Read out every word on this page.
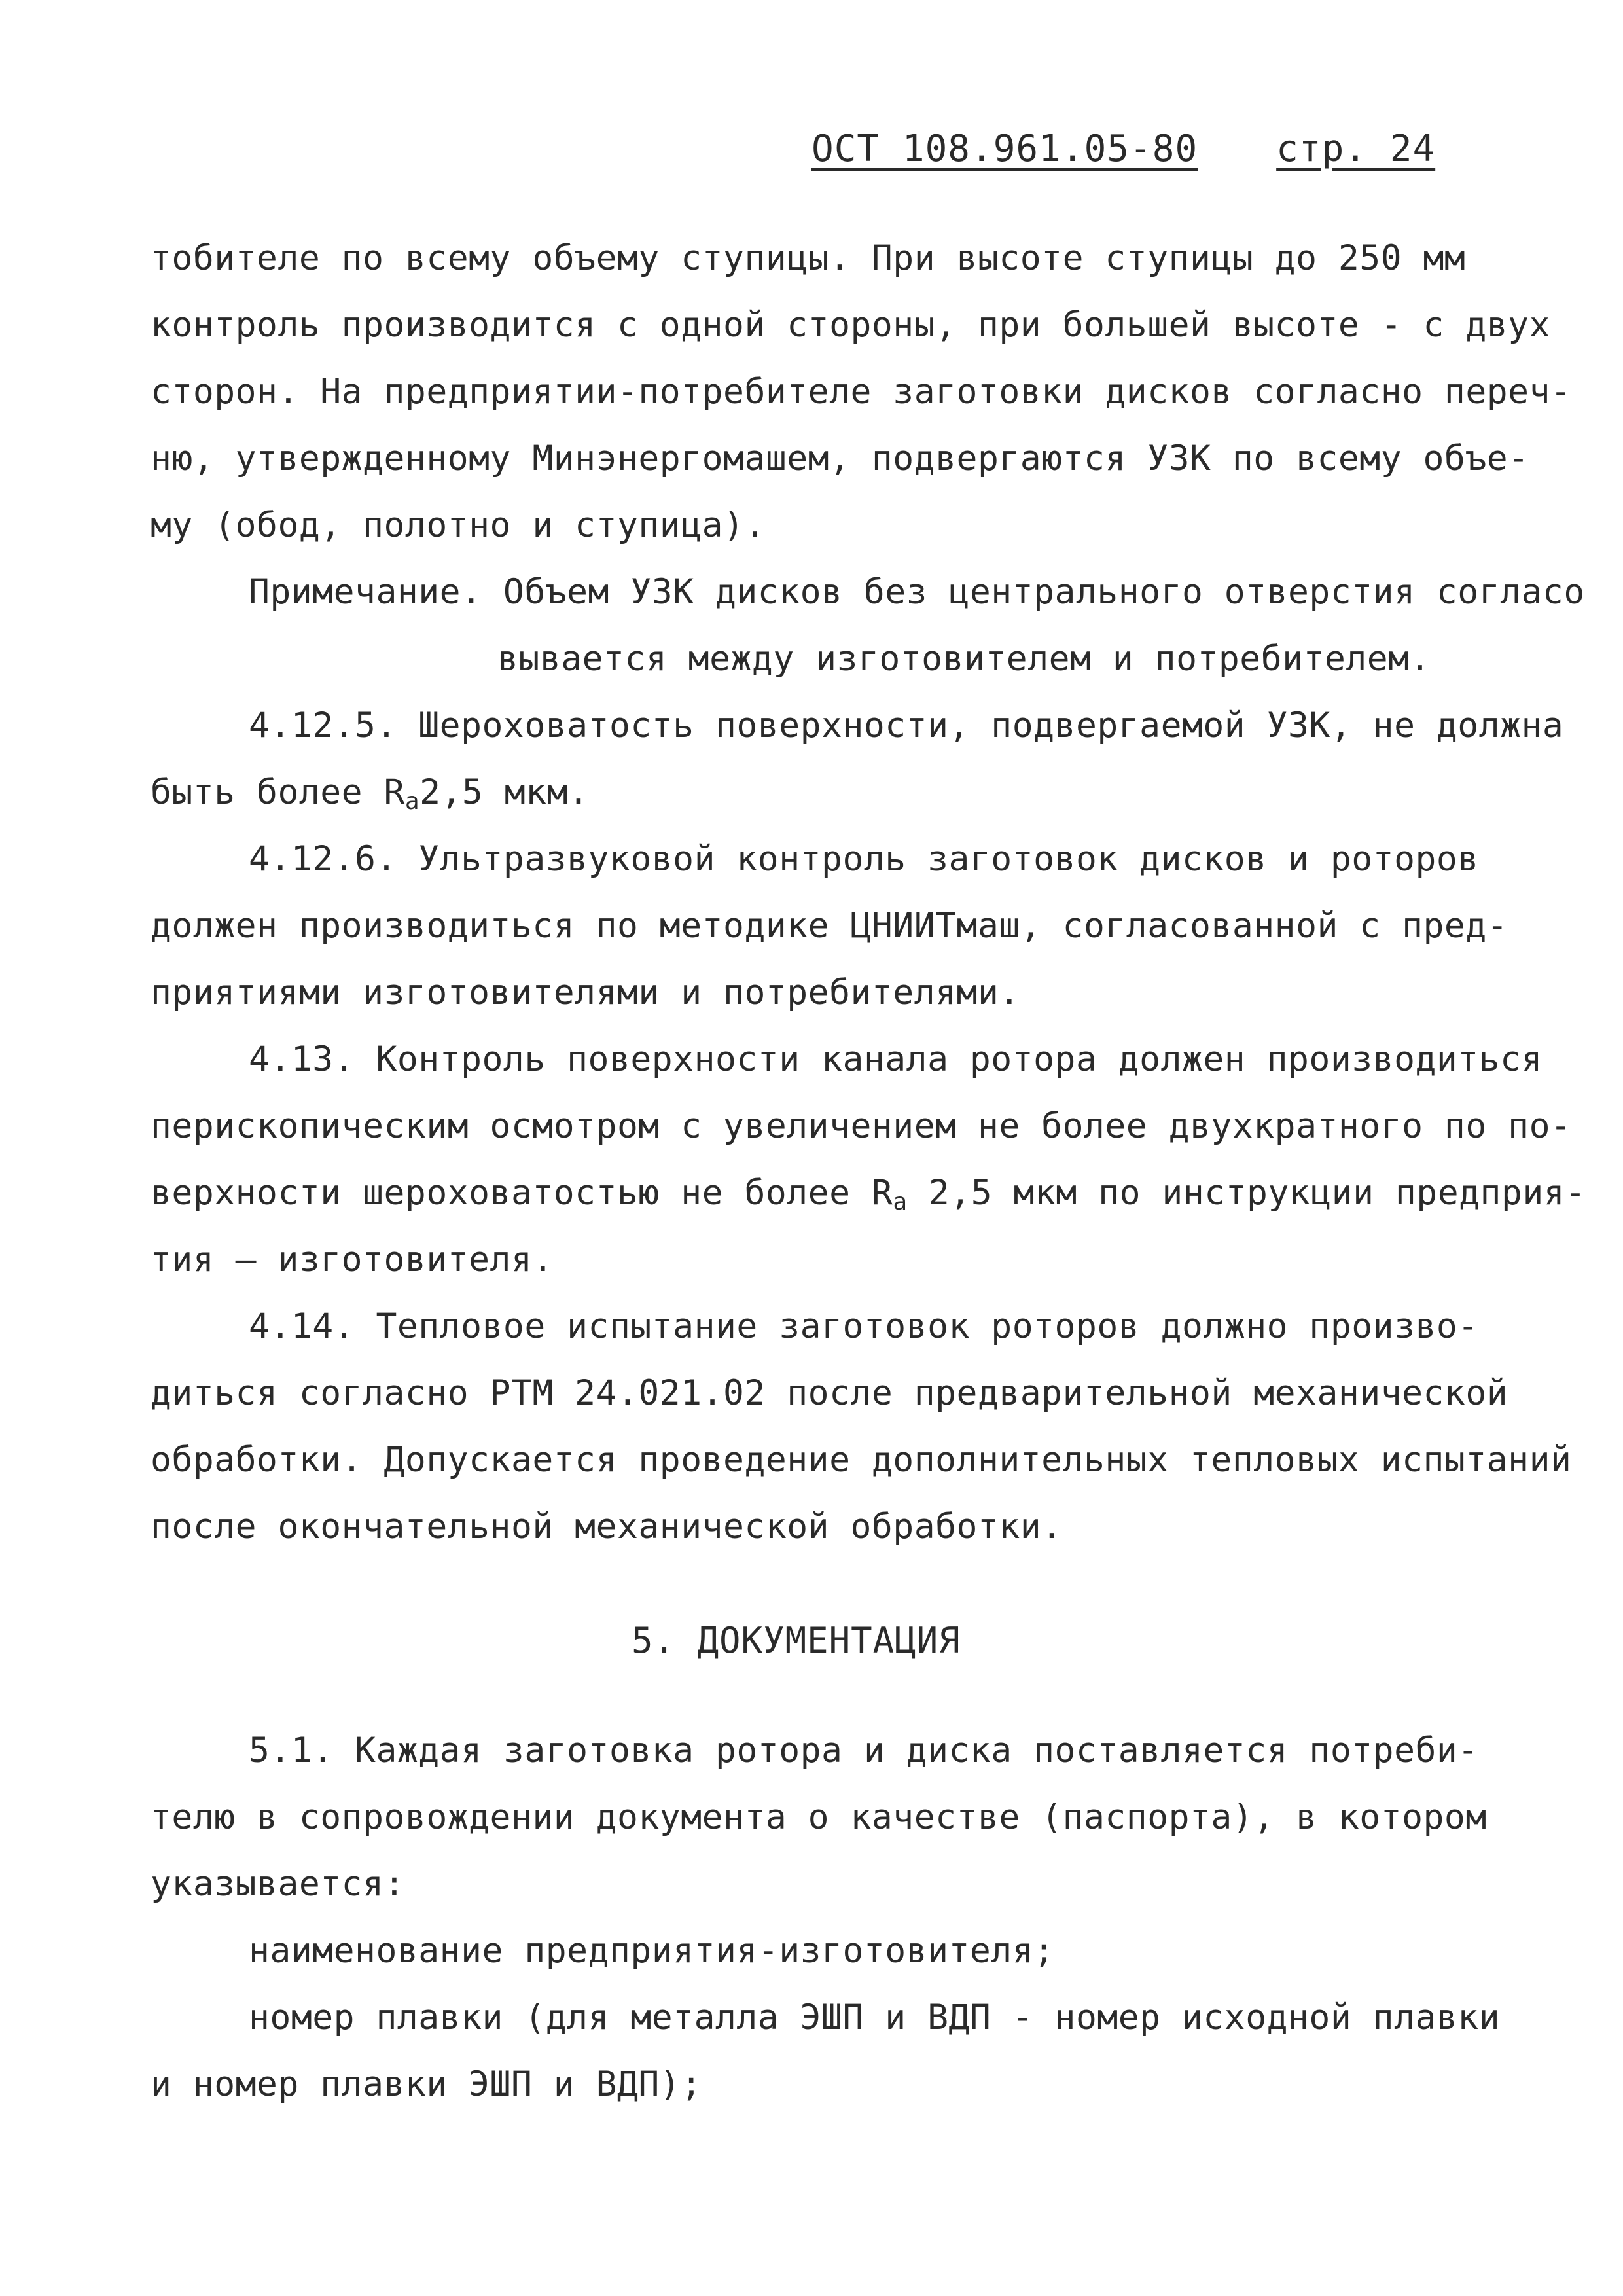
ОСТ 108.961.05-80 стр. 24
тобителе по всему объему ступицы. При высоте ступицы до 250 мм
контроль производится с одной стороны, при большей высоте - с двух
сторон. На предприятии-потребителе заготовки дисков согласно переч-
ню, утвержденному Минэнергомашем, подвергаются УЗК по всему объе-
му (обод, полотно и ступица).
Примечание. Объем УЗК дисков без центрального отверстия согласо
вывается между изготовителем и потребителем.
4.12.5. Шероховатость поверхности, подвергаемой УЗК, не должна
быть более $R_a2,5$ мкм.
4.12.6. Ультразвуковой контроль заготовок дисков и роторов
должен производиться по методике ЦНИИТмаш, согласованной с пред-
приятиями изготовителями и потребителями.
4.13. Контроль поверхности канала ротора должен производиться
перископическим осмотром с увеличением не более двухкратного по по-
верхности шероховатостью не более $R_a$ 2,5 мкм по инструкции предприя-
тия — изготовителя.
4.14. Тепловое испытание заготовок роторов должно произво-
диться согласно РТМ 24.021.02 после предварительной механической
обработки. Допускается проведение дополнительных тепловых испытаний
после окончательной механической обработки.
5. ДОКУМЕНТАЦИЯ
5.1. Каждая заготовка ротора и диска поставляется потреби-
телю в сопровождении документа о качестве (паспорта), в котором
указывается:
наименование предприятия-изготовителя;
номер плавки (для металла ЭШП и ВДП - номер исходной плавки
и номер плавки ЭШП и ВДП);
